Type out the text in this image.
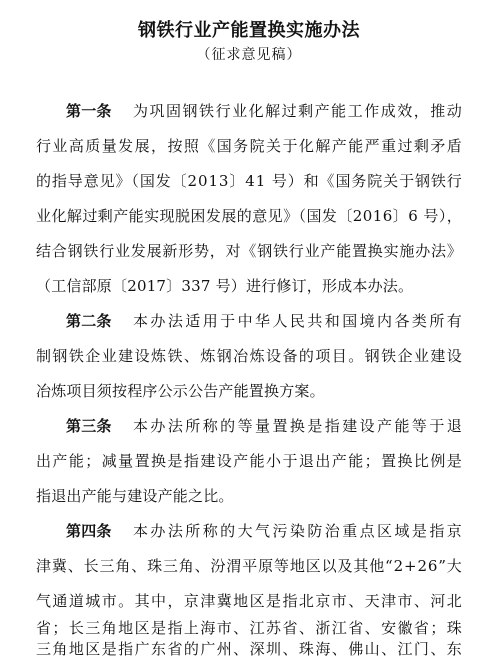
钢铁行业产能置换实施办法
（征求意见稿）
第一条 为巩固钢铁行业化解过剩产能工作成效，推动
行业高质量发展，按照《国务院关于化解产能严重过剩矛盾
的指导意见》（国发〔2013〕41 号）和《国务院关于钢铁行
业化解过剩产能实现脱困发展的意见》（国发〔2016〕6 号），
结合钢铁行业发展新形势，对《钢铁行业产能置换实施办法》
（工信部原〔2017〕337 号）进行修订，形成本办法。
第二条 本办法适用于中华人民共和国境内各类所有
制钢铁企业建设炼铁、炼钢冶炼设备的项目。钢铁企业建设
冶炼项目须按程序公示公告产能置换方案。
第三条 本办法所称的等量置换是指建设产能等于退
出产能；减量置换是指建设产能小于退出产能；置换比例是
指退出产能与建设产能之比。
第四条 本办法所称的大气污染防治重点区域是指京
津冀、长三角、珠三角、汾渭平原等地区以及其他“2+26”大
气通道城市。其中，京津冀地区是指北京市、天津市、河北
省；长三角地区是指上海市、江苏省、浙江省、安徽省；珠
三角地区是指广东省的广州、深圳、珠海、佛山、江门、东
